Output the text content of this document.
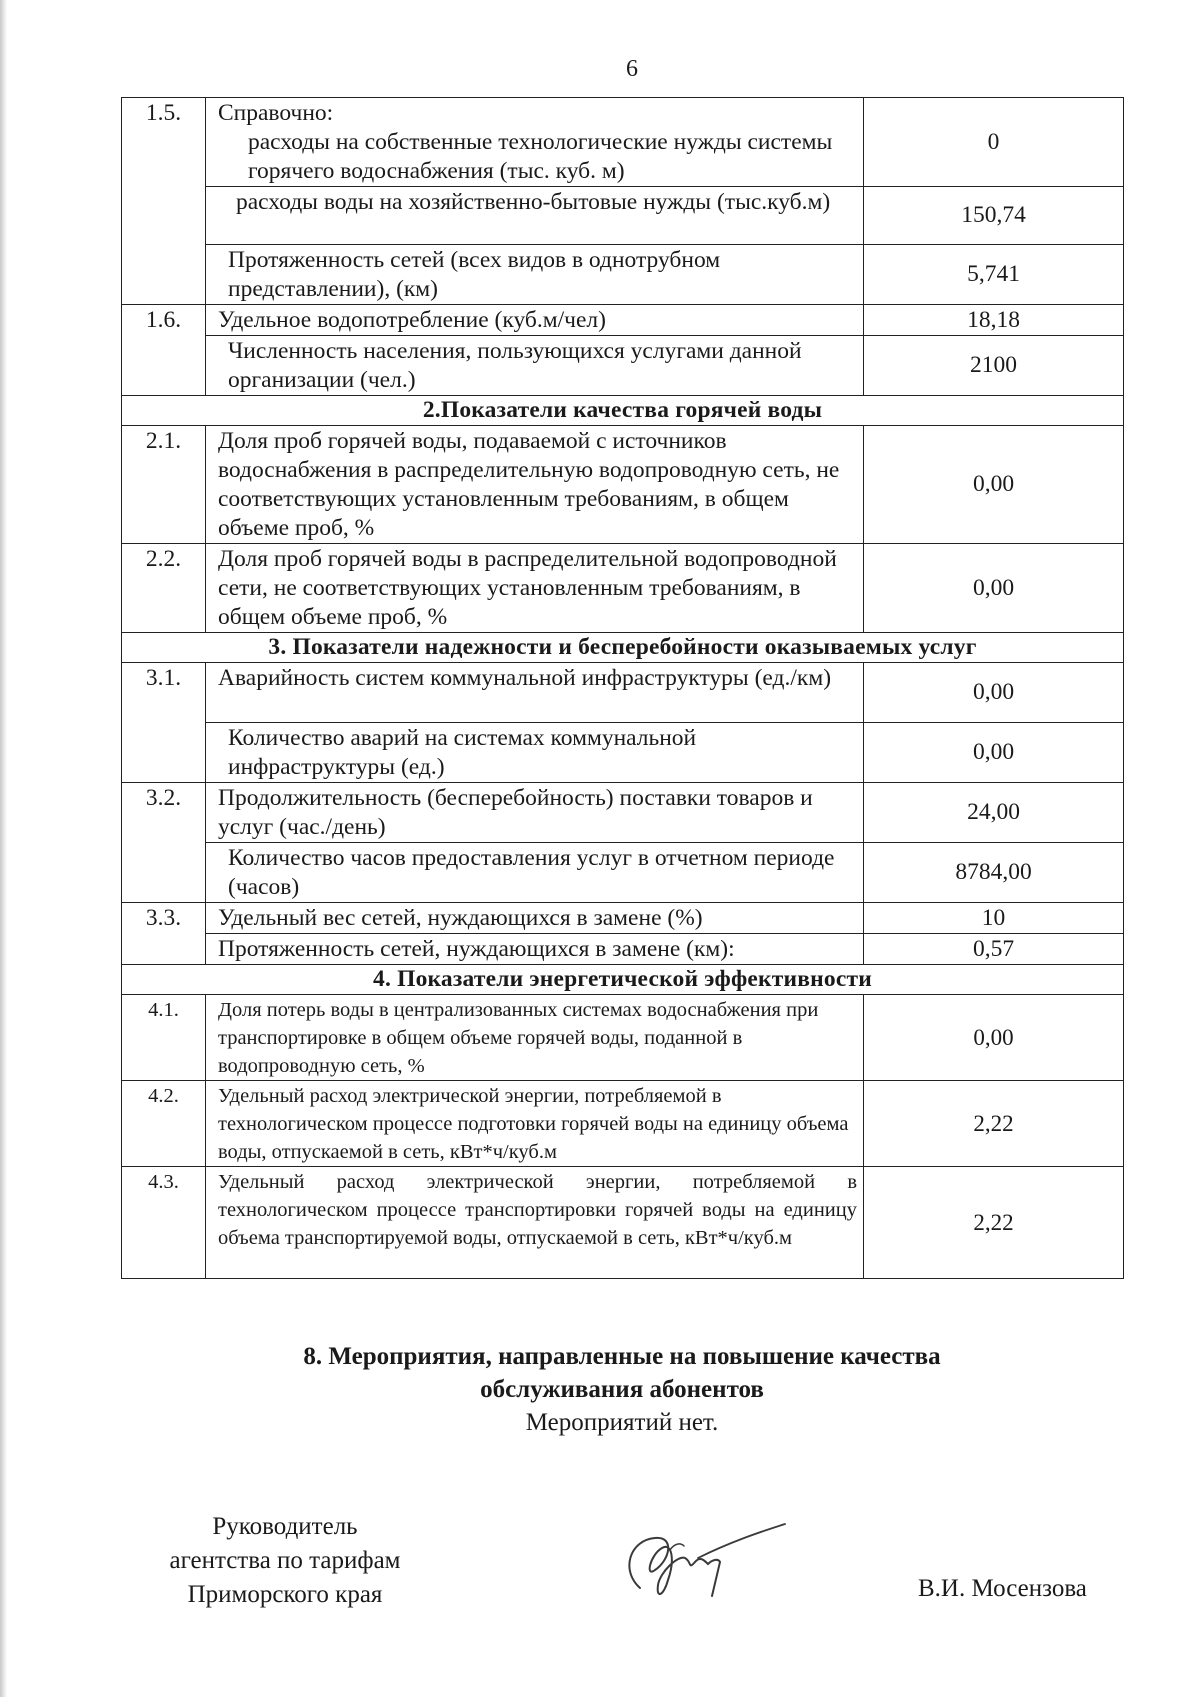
6
1.5.	Справочно:
расходы на собственные технологические нужды системы горячего водоснабжения (тыс. куб. м)	0
	расходы воды на хозяйственно-бытовые нужды (тыс.куб.м)	150,74
	Протяженность сетей (всех видов в однотрубном представлении), (км)	5,741
1.6.	Удельное водопотребление (куб.м/чел)	18,18
	Численность населения, пользующихся услугами данной организации (чел.)	2100
2.Показатели качества горячей воды		
2.1.	Доля проб горячей воды, подаваемой с источников водоснабжения в распределительную водопроводную сеть, не соответствующих установленным требованиям, в общем объеме проб, %	0,00
2.2.	Доля проб горячей воды в распределительной водопроводной сети, не соответствующих установленным требованиям, в общем объеме проб, %	0,00
3. Показатели надежности и бесперебойности оказываемых услуг		
3.1.	Аварийность систем коммунальной инфраструктуры (ед./км)	0,00
	Количество аварий на системах коммунальной инфраструктуры (ед.)	0,00
3.2.	Продолжительность (бесперебойность) поставки товаров и услуг (час./день)	24,00
	Количество часов предоставления услуг в отчетном периоде (часов)	8784,00
3.3.	Удельный вес сетей, нуждающихся в замене (%)	10
	Протяженность сетей, нуждающихся в замене (км):	0,57
4. Показатели энергетической эффективности		
4.1.	Доля потерь воды в централизованных системах водоснабжения при транспортировке в общем объеме горячей воды, поданной в водопроводную сеть, %	0,00
4.2.	Удельный расход электрической энергии, потребляемой в технологическом процессе подготовки горячей воды на единицу объема воды, отпускаемой в сеть, кВт*ч/куб.м	2,22
4.3.	Удельный расход электрической энергии, потребляемой в технологическом процессе транспортировки горячей воды на единицу объема транспортируемой воды, отпускаемой в сеть, кВт*ч/куб.м	2,22
8. Мероприятия, направленные на повышение качества
обслуживания абонентов
Мероприятий нет.
Руководитель
агентства по тарифам
Приморского края	В.И. Мосензова
